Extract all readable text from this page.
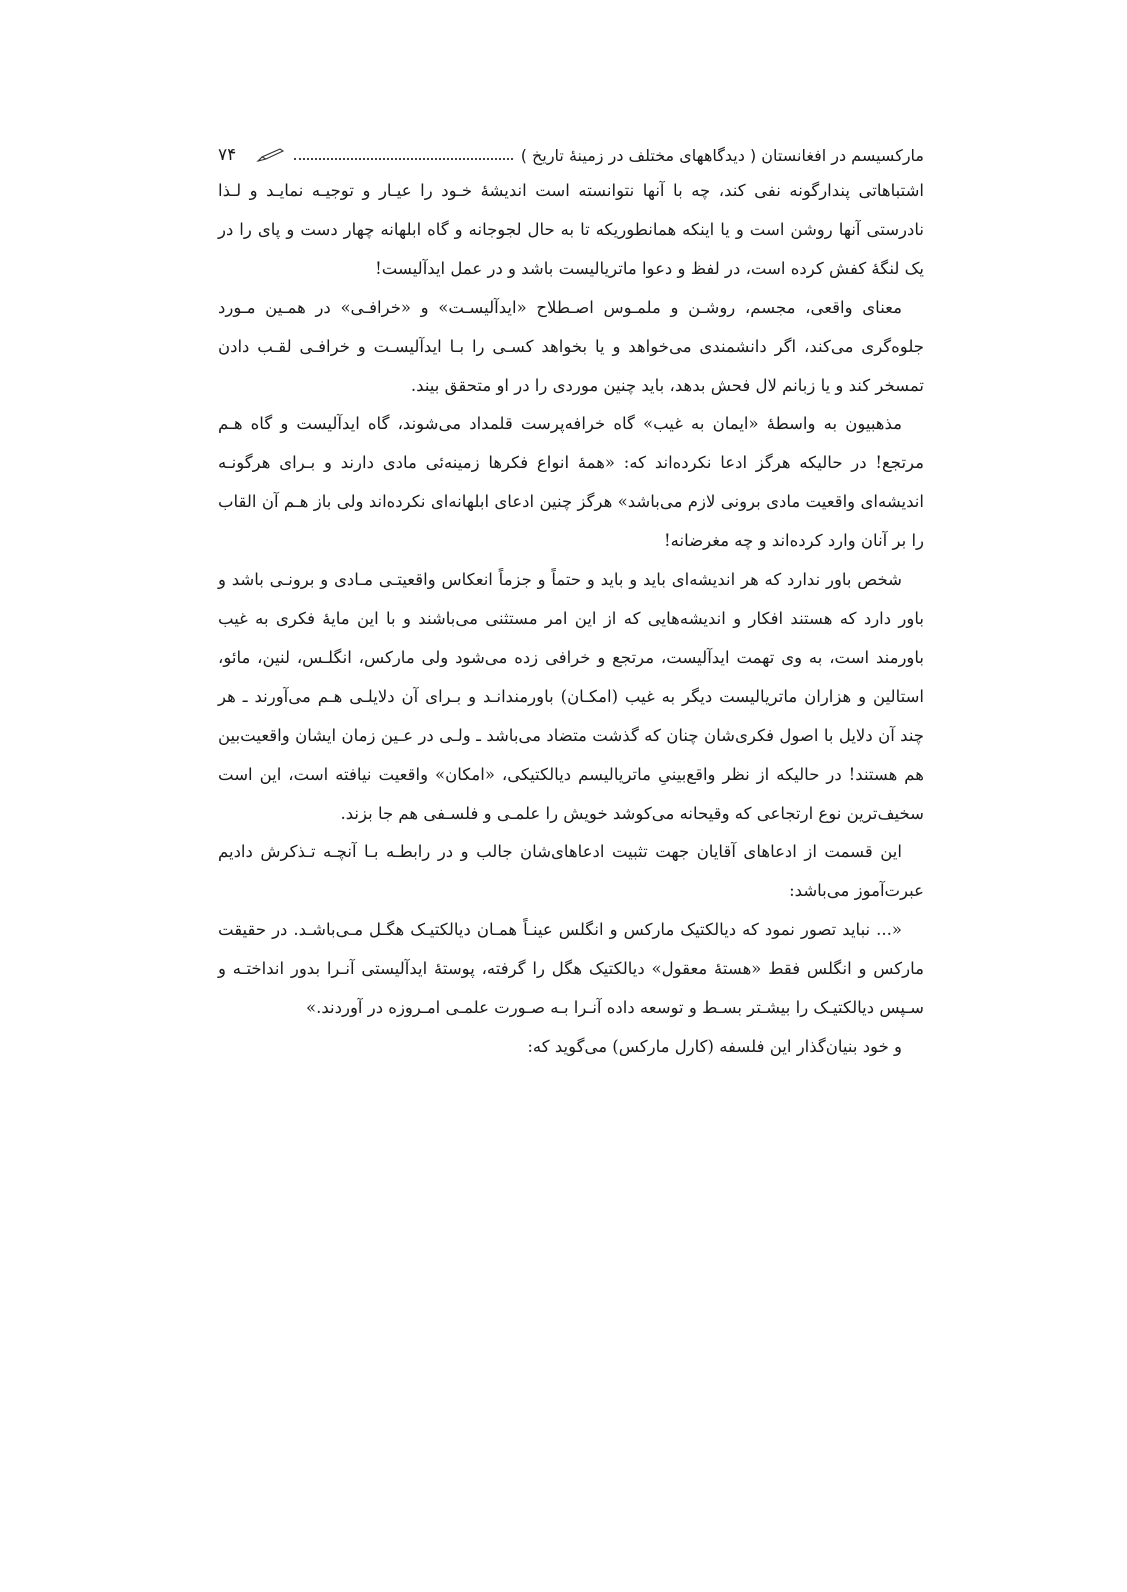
۷۴	مارکسیسم در افغانستان ( دیدگاههای مختلف در زمینهٔ تاریخ )

اشتباهاتی پندارگونه نفی کند، چه با آنها نتوانسته است اندیشهٔ خـود را عیـار و توجیـه نمایـد و لـذا نادرستی آنها روشن است و یا اینکه همانطوریکه تا به حال لجوجانه و گاه ابلهانه چهار دست و پای را در یک لنگهٔ کفش کرده است، در لفظ و دعوا ماتریالیست باشد و در عمل ایدآلیست!

معنای واقعی، مجسم، روشـن و ملمـوس اصـطلاح «ایدآلیسـت» و «خرافـی» در همـین مـورد جلوه‌گری می‌کند، اگر دانشمندی می‌خواهد و یا بخواهد کسـی را بـا ایدآلیسـت و خرافـی لقـب دادن تمسخر کند و یا زبانم لال فحش بدهد، باید چنین موردی را در او متحقق بیند.

مذهبیون به واسطهٔ «ایمان به غیب» گاه خرافه‌پرست قلمداد می‌شوند، گاه ایدآلیست و گاه هـم مرتجع! در حالیکه هرگز ادعا نکرده‌اند که: «همهٔ انواع فکرها زمینه‌ئی مادی دارند و بـرای هرگونـه اندیشه‌ای واقعیت مادی برونی لازم می‌باشد» هرگز چنین ادعای ابلهانه‌ای نکرده‌اند ولی باز هـم آن القاب را بر آنان وارد کرده‌اند و چه مغرضانه!

شخص باور ندارد که هر اندیشه‌ای باید و باید و حتماً و جزماً انعکاس واقعیتـی مـادی و برونـی باشد و باور دارد که هستند افکار و اندیشه‌هایی که از این امر مستثنی می‌باشند و با این مایهٔ فکری به غیب باورمند است، به وی تهمت ایدآلیست، مرتجع و خرافی زده می‌شود ولی مارکس، انگلـس، لنین، مائو، استالین و هزاران ماتریالیست دیگر به غیب (امکـان) باورمندانـد و بـرای آن دلایلـی هـم می‌آورند ـ هر چند آن دلایل با اصول فکری‌شان چنان که گذشت متضاد می‌باشد ـ ولـی در عـین زمان ایشان واقعیت‌بین هم هستند! در حالیکه از نظر واقع‌بینیِ ماتریالیسم دیالکتیکی، «امکان» واقعیت نیافته است، این است سخیف‌ترین نوع ارتجاعی که وقیحانه می‌کوشد خویش را علمـی و فلسـفی هم جا بزند.

این قسمت از ادعاهای آقایان جهت تثبیت ادعاهای‌شان جالب و در رابطـه بـا آنچـه تـذکرش دادیم عبرت‌آموز می‌باشد:

«... نباید تصور نمود که دیالکتیک مارکس و انگلس عینـاً همـان دیالکتیـک هگـل مـی‌باشـد. در حقیقت مارکس و انگلس فقط «هستهٔ معقول» دیالکتیک هگل را گرفته، پوستهٔ ایدآلیستی آنـرا بدور انداختـه و سـپس دیالکتیـک را بیشـتر بسـط و توسعه داده آنـرا بـه صـورت علمـی امـروزه در آوردند.»

و خود بنیان‌گذار این فلسفه (کارل مارکس) می‌گوید که:
